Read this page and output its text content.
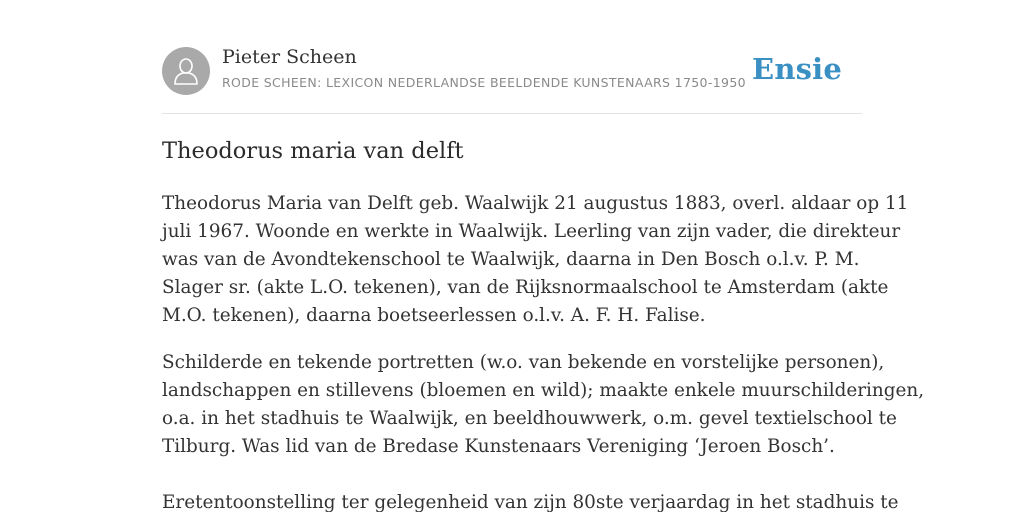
Pieter Scheen
RODE SCHEEN: LEXICON NEDERLANDSE BEELDENDE KUNSTENAARS 1750-1950 Ensie
Theodorus maria van delft

Theodorus Maria van Delft geb. Waalwijk 21 augustus 1883, overl. aldaar op 11
juli 1967. Woonde en werkte in Waalwijk. Leerling van zijn vader, die direkteur
was van de Avondtekenschool te Waalwijk, daarna in Den Bosch o.l.v. P. M.
Slager sr. (akte L.O. tekenen), van de Rijksnormaalschool te Amsterdam (akte
M.O. tekenen), daarna boetseerlessen o.l.v. A. F. H. Falise.

Schilderde en tekende portretten (w.o. van bekende en vorstelijke personen),
landschappen en stillevens (bloemen en wild); maakte enkele muurschilderingen,
o.a. in het stadhuis te Waalwijk, en beeldhouwwerk, o.m. gevel textielschool te
Tilburg. Was lid van de Bredase Kunstenaars Vereniging ‘Jeroen Bosch’.

Eretentoonstelling ter gelegenheid van zijn 80ste verjaardag in het stadhuis te
